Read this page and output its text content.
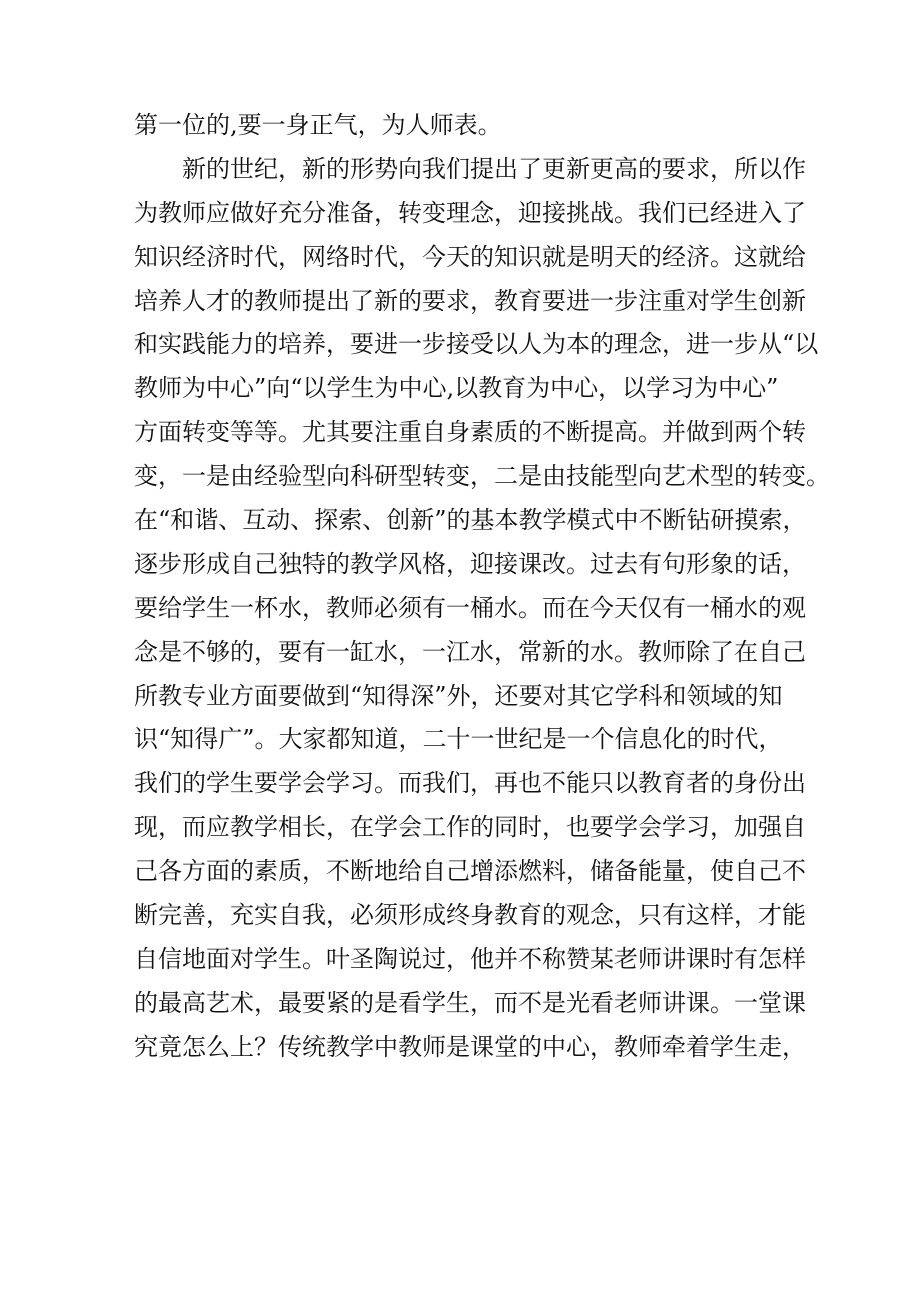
第一位的,要一身正气，为人师表。
新的世纪，新的形势向我们提出了更新更高的要求，所以作
为教师应做好充分准备，转变理念，迎接挑战。我们已经进入了
知识经济时代，网络时代，今天的知识就是明天的经济。这就给
培养人才的教师提出了新的要求，教育要进一步注重对学生创新
和实践能力的培养，要进一步接受以人为本的理念，进一步从“以
教师为中心”向“以学生为中心,以教育为中心，以学习为中心”
方面转变等等。尤其要注重自身素质的不断提高。并做到两个转
变，一是由经验型向科研型转变，二是由技能型向艺术型的转变。
在“和谐、互动、探索、创新”的基本教学模式中不断钻研摸索，
逐步形成自己独特的教学风格，迎接课改。过去有句形象的话，
要给学生一杯水，教师必须有一桶水。而在今天仅有一桶水的观
念是不够的，要有一缸水，一江水，常新的水。教师除了在自己
所教专业方面要做到“知得深”外，还要对其它学科和领域的知
识“知得广”。大家都知道，二十一世纪是一个信息化的时代，
我们的学生要学会学习。而我们，再也不能只以教育者的身份出
现，而应教学相长，在学会工作的同时，也要学会学习，加强自
己各方面的素质，不断地给自己增添燃料，储备能量，使自己不
断完善，充实自我，必须形成终身教育的观念，只有这样，才能
自信地面对学生。叶圣陶说过，他并不称赞某老师讲课时有怎样
的最高艺术，最要紧的是看学生，而不是光看老师讲课。一堂课
究竟怎么上？传统教学中教师是课堂的中心，教师牵着学生走，
